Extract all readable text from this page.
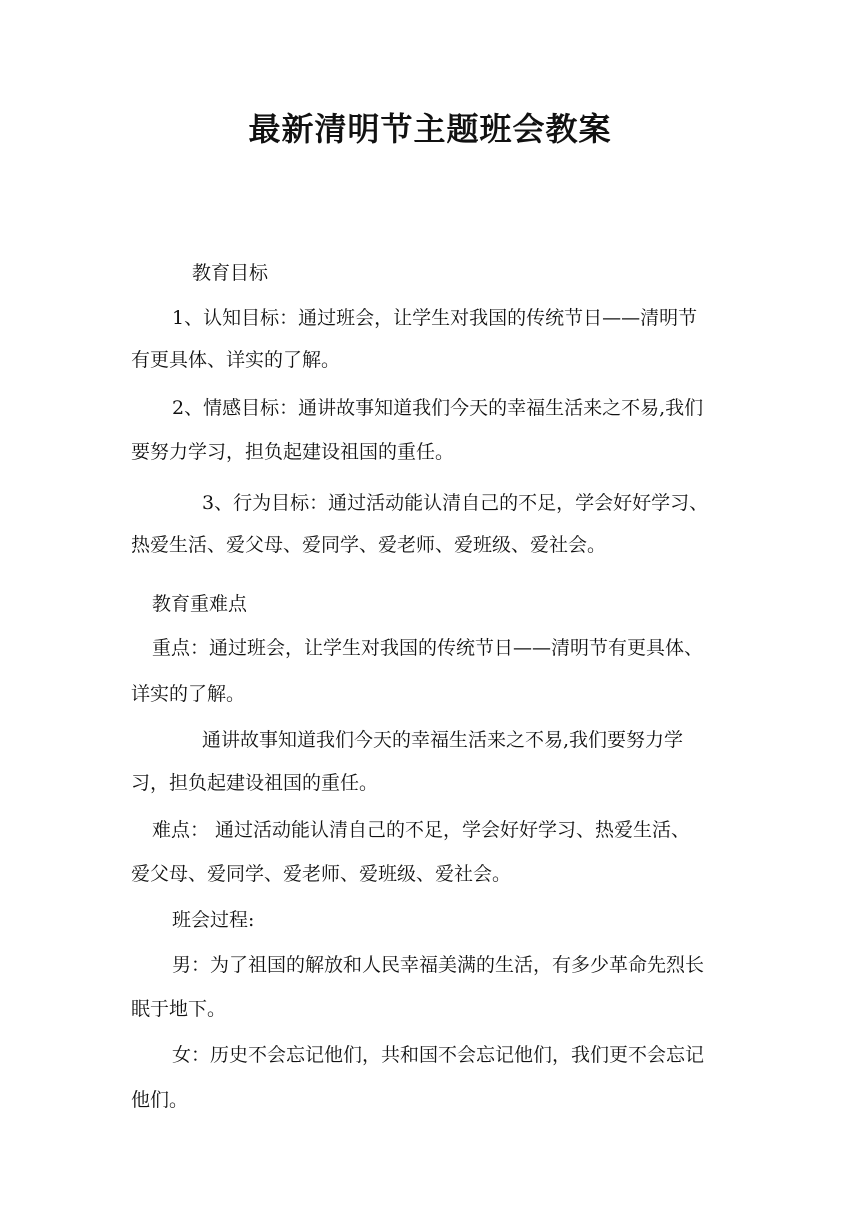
最新清明节主题班会教案
教育目标
1、认知目标：通过班会，让学生对我国的传统节日——清明节
有更具体、详实的了解。
2、情感目标：通讲故事知道我们今天的幸福生活来之不易,我们
要努力学习，担负起建设祖国的重任。
3、行为目标：通过活动能认清自己的不足，学会好好学习、
热爱生活、爱父母、爱同学、爱老师、爱班级、爱社会。
教育重难点
重点：通过班会，让学生对我国的传统节日——清明节有更具体、
详实的了解。
通讲故事知道我们今天的幸福生活来之不易,我们要努力学
习，担负起建设祖国的重任。
难点： 通过活动能认清自己的不足，学会好好学习、热爱生活、
爱父母、爱同学、爱老师、爱班级、爱社会。
班会过程:
男：为了祖国的解放和人民幸福美满的生活，有多少革命先烈长
眠于地下。
女：历史不会忘记他们，共和国不会忘记他们，我们更不会忘记
他们。
